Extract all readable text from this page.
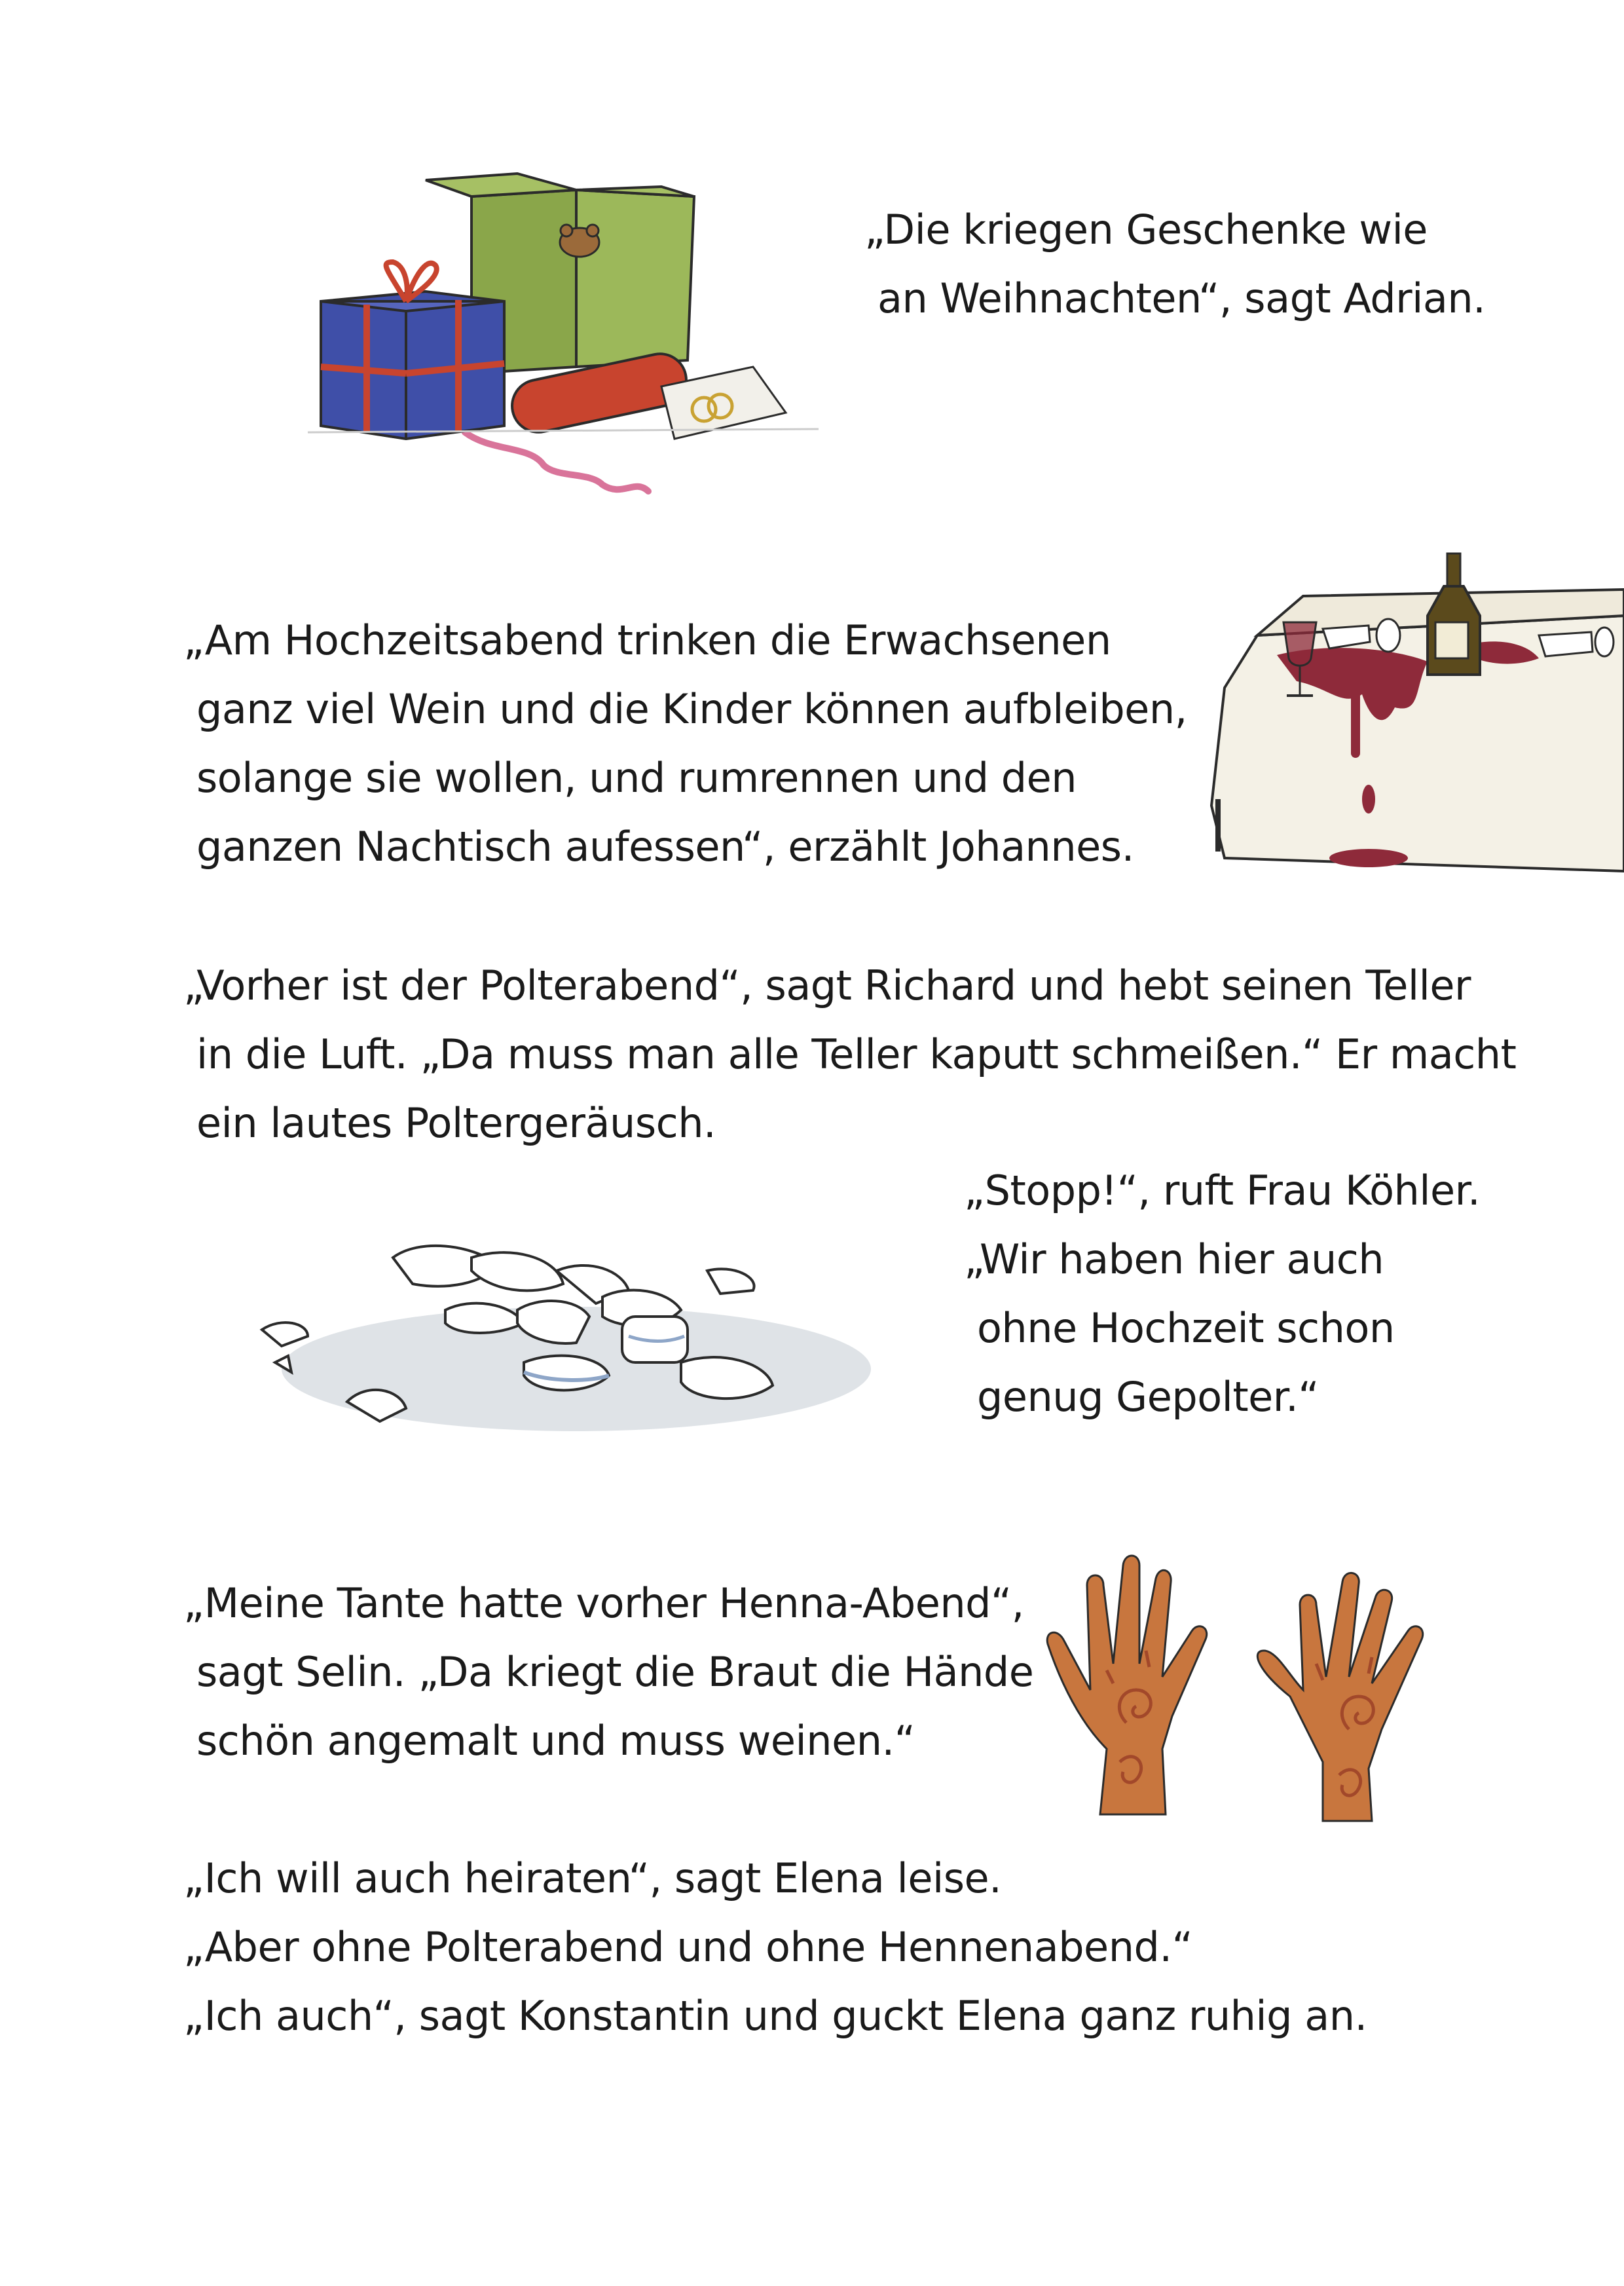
„Die kriegen Geschenke wie
an Weihnachten“, sagt Adrian.
„Am Hochzeitsabend trinken die Erwachsenen
ganz viel Wein und die Kinder können aufbleiben,
solange sie wollen, und rumrennen und den
ganzen Nachtisch aufessen“, erzählt Johannes.
„Vorher ist der Polterabend“, sagt Richard und hebt seinen Teller
in die Luft. „Da muss man alle Teller kaputt schmeißen.“ Er macht
ein lautes Poltergeräusch.
„Stopp!“, ruft Frau Köhler.
„Wir haben hier auch
ohne Hochzeit schon
genug Gepolter.“
„Meine Tante hatte vorher Henna-Abend“,
sagt Selin. „Da kriegt die Braut die Hände
schön angemalt und muss weinen.“
„Ich will auch heiraten“, sagt Elena leise.
„Aber ohne Polterabend und ohne Hennenabend.“
„Ich auch“, sagt Konstantin und guckt Elena ganz ruhig an.
